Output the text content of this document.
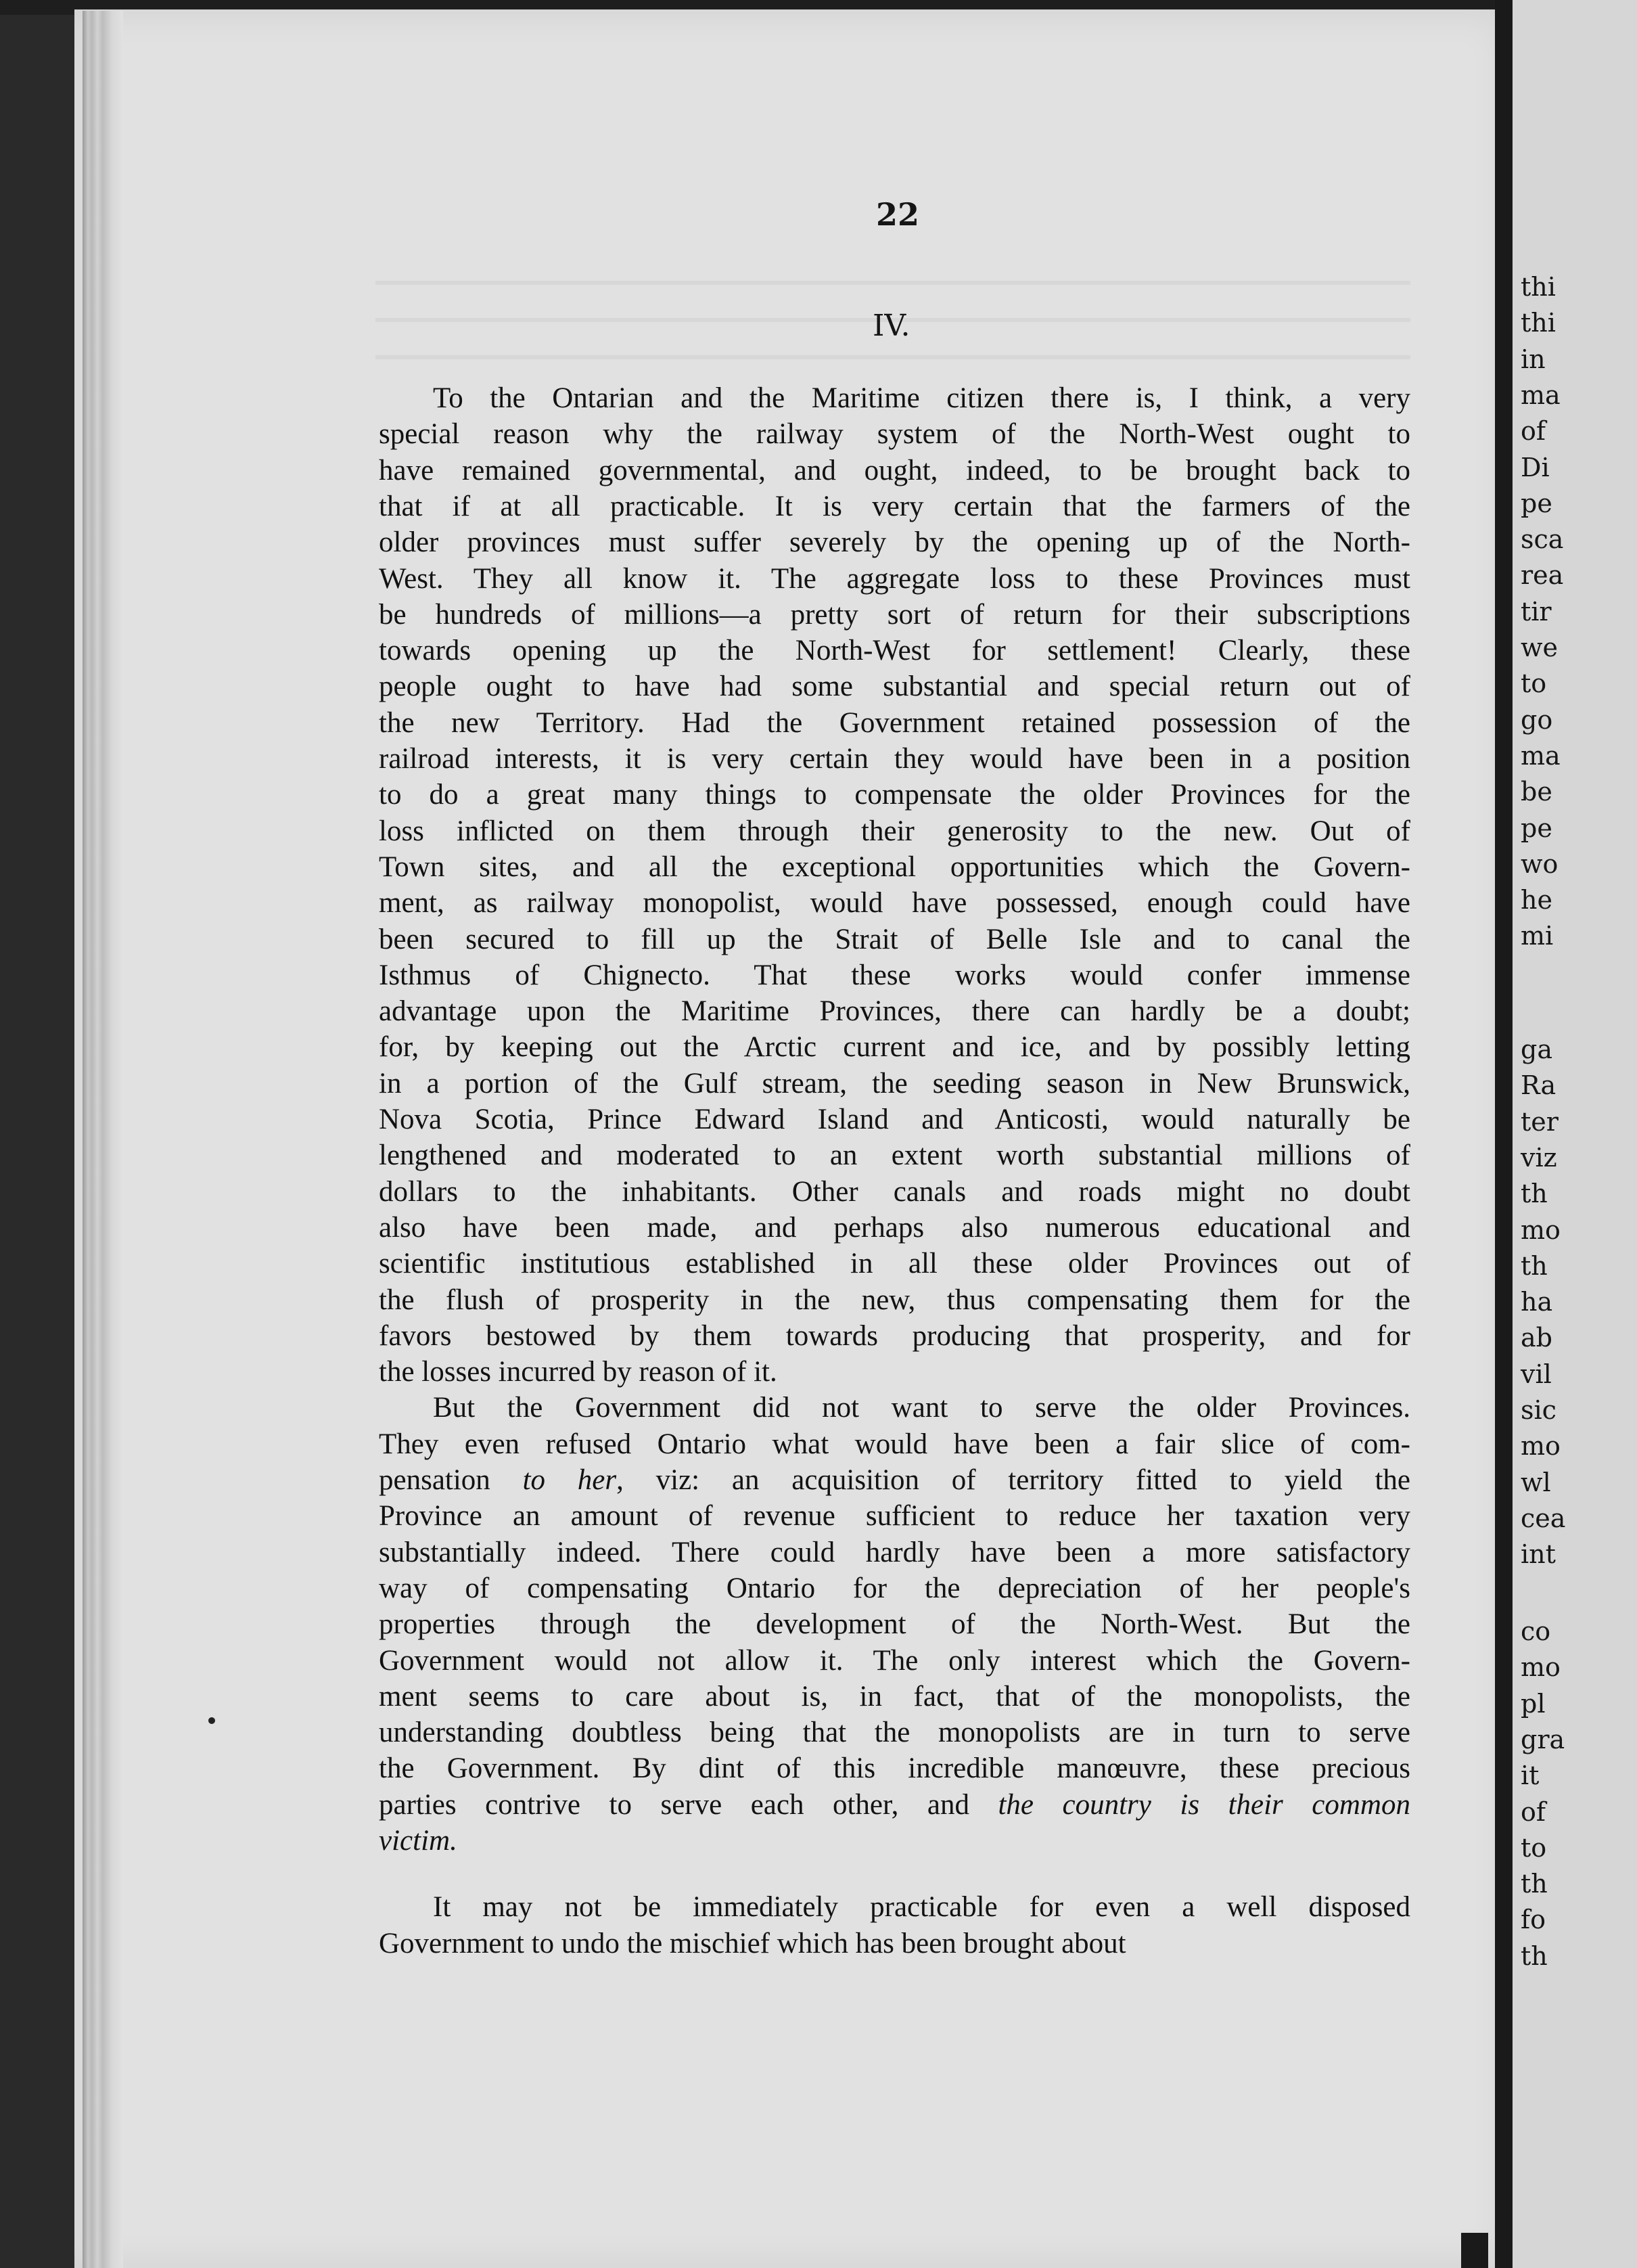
thi
thi
in
ma
of
Di
pe
sca
rea
tir
we
to
go
ma
be
pe
wo
he
mi
ga
Ra
ter
viz
th
mo
th
ha
ab
vil
sic
mo
wl
cea
int
co
mo
pl
gra
it
of
to
th
fo
th
22
IV.
To the Ontarian and the Maritime citizen there is, I think, a very
special reason why the railway system of the North-West ought to
have remained governmental, and ought, indeed, to be brought back to
that if at all practicable. It is very certain that the farmers of the
older provinces must suffer severely by the opening up of the North-
West. They all know it. The aggregate loss to these Provinces must
be hundreds of millions—a pretty sort of return for their subscriptions
towards opening up the North-West for settlement! Clearly, these
people ought to have had some substantial and special return out of
the new Territory. Had the Government retained possession of the
railroad interests, it is very certain they would have been in a position
to do a great many things to compensate the older Provinces for the
loss inflicted on them through their generosity to the new. Out of
Town sites, and all the exceptional opportunities which the Govern-
ment, as railway monopolist, would have possessed, enough could have
been secured to fill up the Strait of Belle Isle and to canal the
Isthmus of Chignecto. That these works would confer immense
advantage upon the Maritime Provinces, there can hardly be a doubt;
for, by keeping out the Arctic current and ice, and by possibly letting
in a portion of the Gulf stream, the seeding season in New Brunswick,
Nova Scotia, Prince Edward Island and Anticosti, would naturally be
lengthened and moderated to an extent worth substantial millions of
dollars to the inhabitants. Other canals and roads might no doubt
also have been made, and perhaps also numerous educational and
scientific institutious established in all these older Provinces out of
the flush of prosperity in the new, thus compensating them for the
favors bestowed by them towards producing that prosperity, and for
the losses incurred by reason of it.
But the Government did not want to serve the older Provinces.
They even refused Ontario what would have been a fair slice of com-
pensation to her, viz: an acquisition of territory fitted to yield the
Province an amount of revenue sufficient to reduce her taxation very
substantially indeed. There could hardly have been a more satisfactory
way of compensating Ontario for the depreciation of her people's
properties through the development of the North-West. But the
Government would not allow it. The only interest which the Govern-
ment seems to care about is, in fact, that of the monopolists, the
understanding doubtless being that the monopolists are in turn to serve
the Government. By dint of this incredible manœuvre, these precious
parties contrive to serve each other, and the country is their common
victim.
It may not be immediately practicable for even a well disposed
Government to undo the mischief which has been brought about
